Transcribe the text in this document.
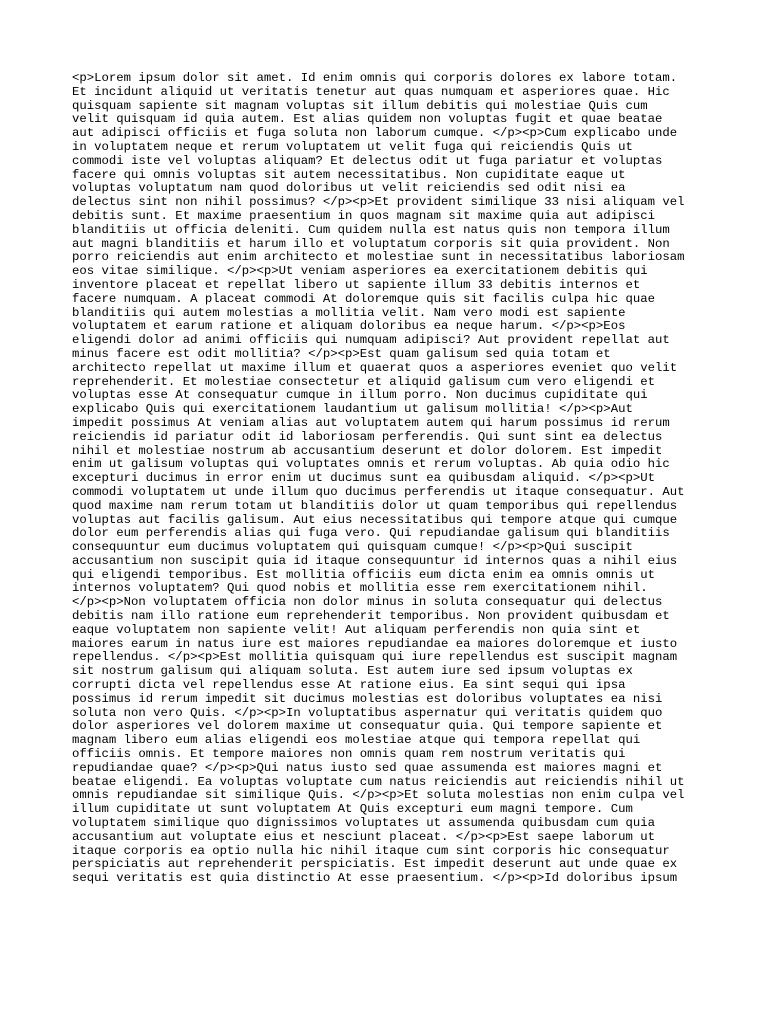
<p>Lorem ipsum dolor sit amet. Id enim omnis qui corporis dolores ex labore totam.
Et incidunt aliquid ut veritatis tenetur aut quas numquam et asperiores quae. Hic
quisquam sapiente sit magnam voluptas sit illum debitis qui molestiae Quis cum
velit quisquam id quia autem. Est alias quidem non voluptas fugit et quae beatae
aut adipisci officiis et fuga soluta non laborum cumque. </p><p>Cum explicabo unde
in voluptatem neque et rerum voluptatem ut velit fuga qui reiciendis Quis ut
commodi iste vel voluptas aliquam? Et delectus odit ut fuga pariatur et voluptas
facere qui omnis voluptas sit autem necessitatibus. Non cupiditate eaque ut
voluptas voluptatum nam quod doloribus ut velit reiciendis sed odit nisi ea
delectus sint non nihil possimus? </p><p>Et provident similique 33 nisi aliquam vel
debitis sunt. Et maxime praesentium in quos magnam sit maxime quia aut adipisci
blanditiis ut officia deleniti. Cum quidem nulla est natus quis non tempora illum
aut magni blanditiis et harum illo et voluptatum corporis sit quia provident. Non
porro reiciendis aut enim architecto et molestiae sunt in necessitatibus laboriosam
eos vitae similique. </p><p>Ut veniam asperiores ea exercitationem debitis qui
inventore placeat et repellat libero ut sapiente illum 33 debitis internos et
facere numquam. A placeat commodi At doloremque quis sit facilis culpa hic quae
blanditiis qui autem molestias a mollitia velit. Nam vero modi est sapiente
voluptatem et earum ratione et aliquam doloribus ea neque harum. </p><p>Eos
eligendi dolor ad animi officiis qui numquam adipisci? Aut provident repellat aut
minus facere est odit mollitia? </p><p>Est quam galisum sed quia totam et
architecto repellat ut maxime illum et quaerat quos a asperiores eveniet quo velit
reprehenderit. Et molestiae consectetur et aliquid galisum cum vero eligendi et
voluptas esse At consequatur cumque in illum porro. Non ducimus cupiditate qui
explicabo Quis qui exercitationem laudantium ut galisum mollitia! </p><p>Aut
impedit possimus At veniam alias aut voluptatem autem qui harum possimus id rerum
reiciendis id pariatur odit id laboriosam perferendis. Qui sunt sint ea delectus
nihil et molestiae nostrum ab accusantium deserunt et dolor dolorem. Est impedit
enim ut galisum voluptas qui voluptates omnis et rerum voluptas. Ab quia odio hic
excepturi ducimus in error enim ut ducimus sunt ea quibusdam aliquid. </p><p>Ut
commodi voluptatem ut unde illum quo ducimus perferendis ut itaque consequatur. Aut
quod maxime nam rerum totam ut blanditiis dolor ut quam temporibus qui repellendus
voluptas aut facilis galisum. Aut eius necessitatibus qui tempore atque qui cumque
dolor eum perferendis alias qui fuga vero. Qui repudiandae galisum qui blanditiis
consequuntur eum ducimus voluptatem qui quisquam cumque! </p><p>Qui suscipit
accusantium non suscipit quia id itaque consequuntur id internos quas a nihil eius
qui eligendi temporibus. Est mollitia officiis eum dicta enim ea omnis omnis ut
internos voluptatem? Qui quod nobis et mollitia esse rem exercitationem nihil.
</p><p>Non voluptatem officia non dolor minus in soluta consequatur qui delectus
debitis nam illo ratione eum reprehenderit temporibus. Non provident quibusdam et
eaque voluptatem non sapiente velit! Aut aliquam perferendis non quia sint et
maiores earum in natus iure est maiores repudiandae ea maiores doloremque et iusto
repellendus. </p><p>Est mollitia quisquam qui iure repellendus est suscipit magnam
sit nostrum galisum qui aliquam soluta. Est autem iure sed ipsum voluptas ex
corrupti dicta vel repellendus esse At ratione eius. Ea sint sequi qui ipsa
possimus id rerum impedit sit ducimus molestias est doloribus voluptates ea nisi
soluta non vero Quis. </p><p>In voluptatibus aspernatur qui veritatis quidem quo
dolor asperiores vel dolorem maxime ut consequatur quia. Qui tempore sapiente et
magnam libero eum alias eligendi eos molestiae atque qui tempora repellat qui
officiis omnis. Et tempore maiores non omnis quam rem nostrum veritatis qui
repudiandae quae? </p><p>Qui natus iusto sed quae assumenda est maiores magni et
beatae eligendi. Ea voluptas voluptate cum natus reiciendis aut reiciendis nihil ut
omnis repudiandae sit similique Quis. </p><p>Et soluta molestias non enim culpa vel
illum cupiditate ut sunt voluptatem At Quis excepturi eum magni tempore. Cum
voluptatem similique quo dignissimos voluptates ut assumenda quibusdam cum quia
accusantium aut voluptate eius et nesciunt placeat. </p><p>Est saepe laborum ut
itaque corporis ea optio nulla hic nihil itaque cum sint corporis hic consequatur
perspiciatis aut reprehenderit perspiciatis. Est impedit deserunt aut unde quae ex
sequi veritatis est quia distinctio At esse praesentium. </p><p>Id doloribus ipsum
